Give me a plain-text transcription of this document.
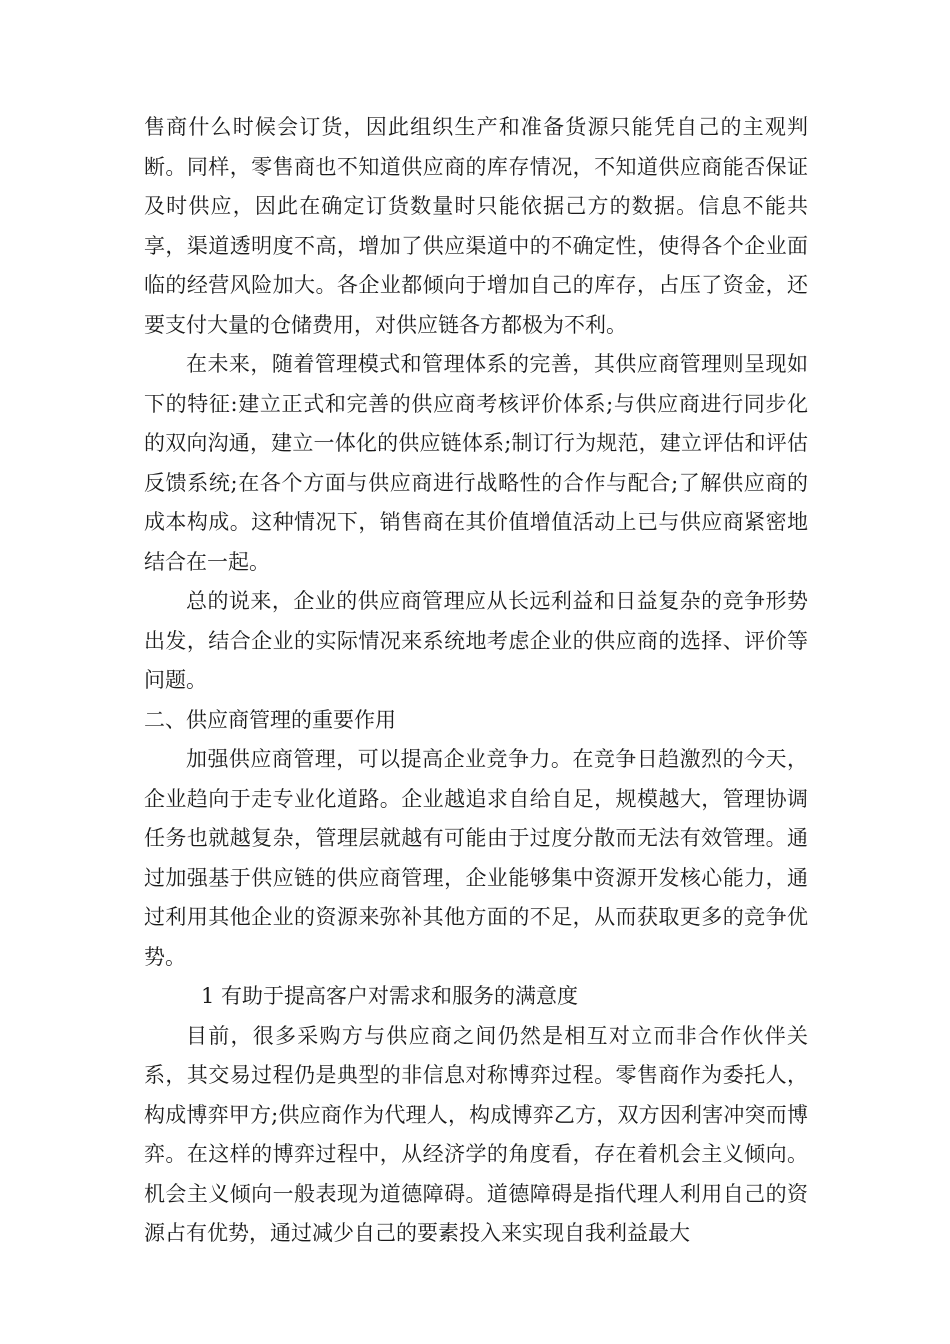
售商什么时候会订货，因此组织生产和准备货源只能凭自己的主观判断。同样，零售商也不知道供应商的库存情况，不知道供应商能否保证及时供应，因此在确定订货数量时只能依据己方的数据。信息不能共享，渠道透明度不高，增加了供应渠道中的不确定性，使得各个企业面临的经营风险加大。各企业都倾向于增加自己的库存，占压了资金，还要支付大量的仓储费用，对供应链各方都极为不利。

在未来，随着管理模式和管理体系的完善，其供应商管理则呈现如下的特征:建立正式和完善的供应商考核评价体系;与供应商进行同步化的双向沟通，建立一体化的供应链体系;制订行为规范，建立评估和评估反馈系统;在各个方面与供应商进行战略性的合作与配合;了解供应商的成本构成。这种情况下，销售商在其价值增值活动上已与供应商紧密地结合在一起。

总的说来，企业的供应商管理应从长远利益和日益复杂的竞争形势出发，结合企业的实际情况来系统地考虑企业的供应商的选择、评价等问题。

二、供应商管理的重要作用

加强供应商管理，可以提高企业竞争力。在竞争日趋激烈的今天，企业趋向于走专业化道路。企业越追求自给自足，规模越大，管理协调任务也就越复杂，管理层就越有可能由于过度分散而无法有效管理。通过加强基于供应链的供应商管理，企业能够集中资源开发核心能力，通过利用其他企业的资源来弥补其他方面的不足，从而获取更多的竞争优势。

1 有助于提高客户对需求和服务的满意度

目前，很多采购方与供应商之间仍然是相互对立而非合作伙伴关系，其交易过程仍是典型的非信息对称博弈过程。零售商作为委托人，构成博弈甲方;供应商作为代理人，构成博弈乙方，双方因利害冲突而博弈。在这样的博弈过程中，从经济学的角度看，存在着机会主义倾向。机会主义倾向一般表现为道德障碍。道德障碍是指代理人利用自己的资源占有优势，通过减少自己的要素投入来实现自我利益最大
